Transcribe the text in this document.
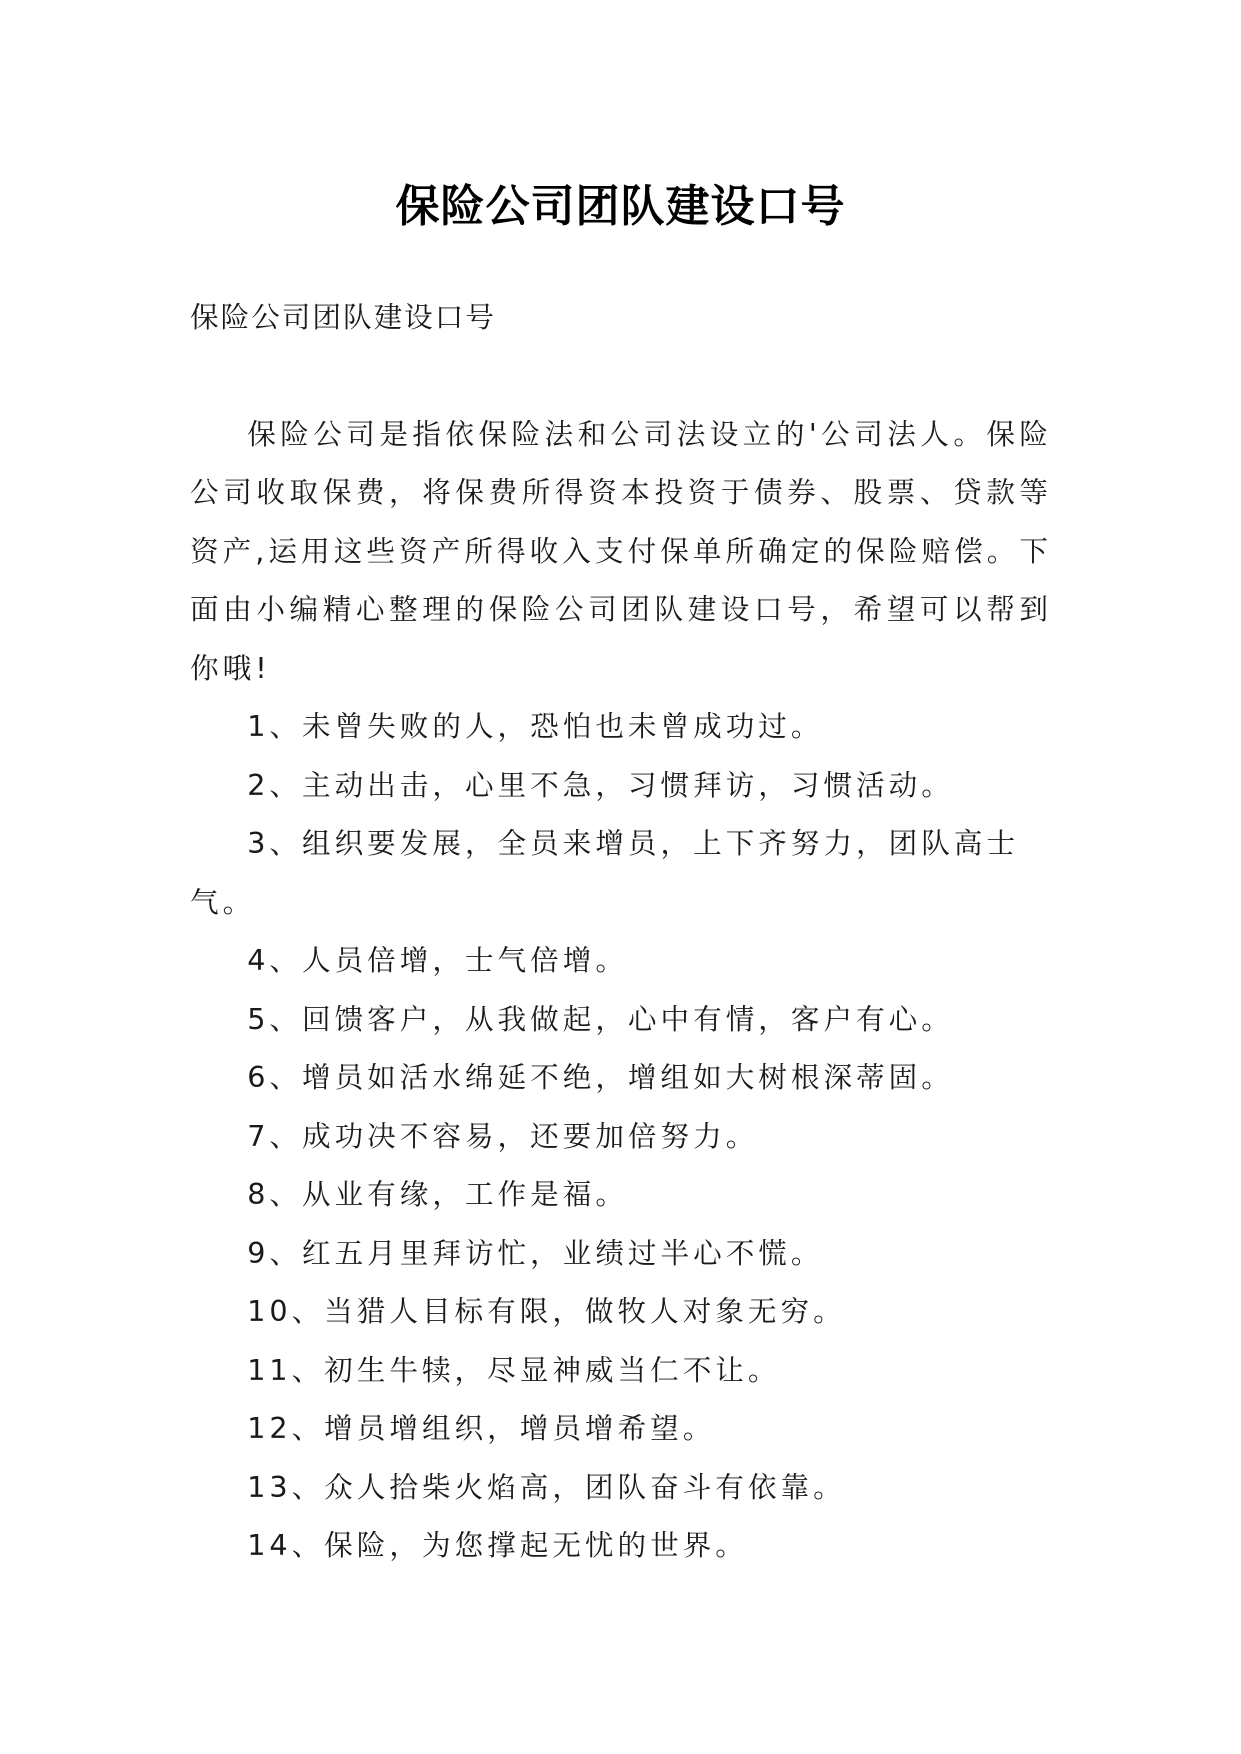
保险公司团队建设口号

保险公司团队建设口号

保险公司是指依保险法和公司法设立的'公司法人。保险公司收取保费，将保费所得资本投资于债券、股票、贷款等资产,运用这些资产所得收入支付保单所确定的保险赔偿。下面由小编精心整理的保险公司团队建设口号，希望可以帮到你哦!

1、未曾失败的人，恐怕也未曾成功过。
2、主动出击，心里不急，习惯拜访，习惯活动。
3、组织要发展，全员来增员，上下齐努力，团队高士气。
4、人员倍增，士气倍增。
5、回馈客户，从我做起，心中有情，客户有心。
6、增员如活水绵延不绝，增组如大树根深蒂固。
7、成功决不容易，还要加倍努力。
8、从业有缘，工作是福。
9、红五月里拜访忙，业绩过半心不慌。
10、当猎人目标有限，做牧人对象无穷。
11、初生牛犊，尽显神威当仁不让。
12、增员增组织，增员增希望。
13、众人拾柴火焰高，团队奋斗有依靠。
14、保险，为您撑起无忧的世界。
